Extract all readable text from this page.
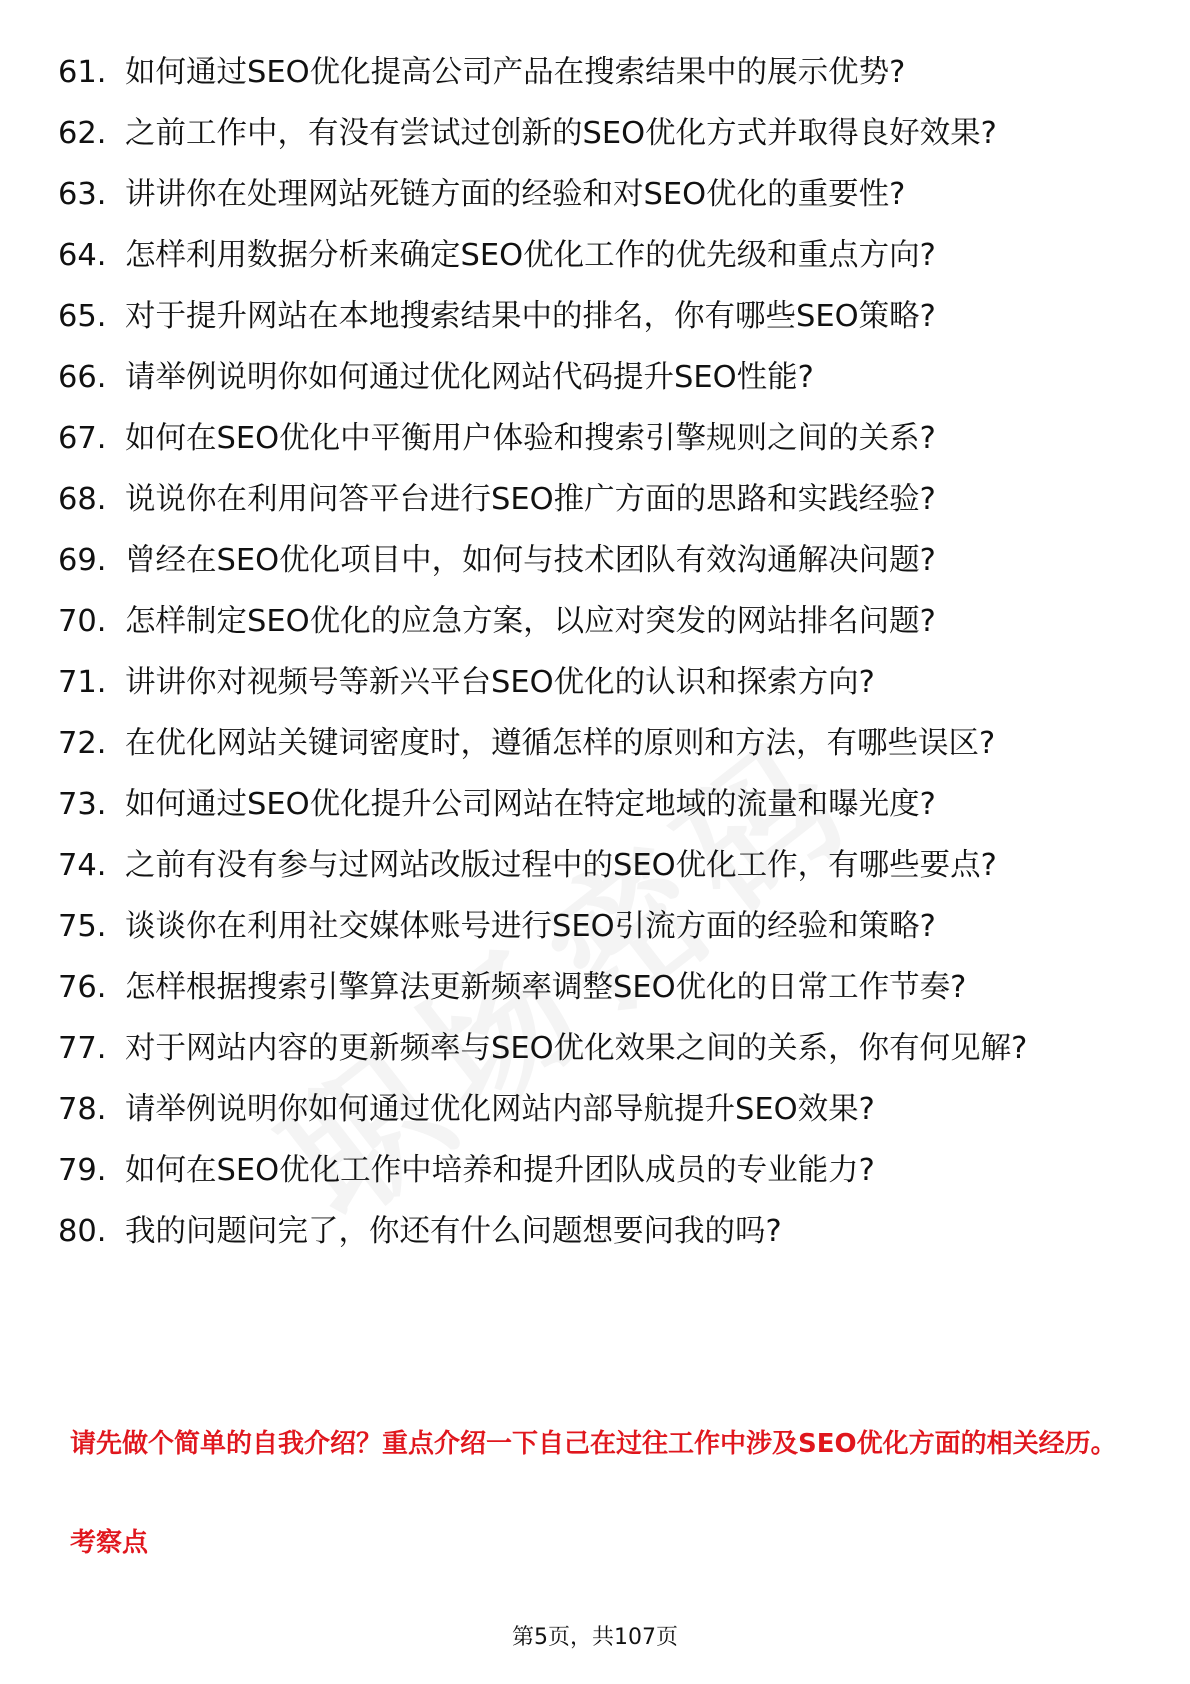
61. 如何通过SEO优化提高公司产品在搜索结果中的展示优势?
62. 之前工作中，有没有尝试过创新的SEO优化方式并取得良好效果?
63. 讲讲你在处理网站死链方面的经验和对SEO优化的重要性?
64. 怎样利用数据分析来确定SEO优化工作的优先级和重点方向?
65. 对于提升网站在本地搜索结果中的排名，你有哪些SEO策略?
66. 请举例说明你如何通过优化网站代码提升SEO性能?
67. 如何在SEO优化中平衡用户体验和搜索引擎规则之间的关系?
68. 说说你在利用问答平台进行SEO推广方面的思路和实践经验?
69. 曾经在SEO优化项目中，如何与技术团队有效沟通解决问题?
70. 怎样制定SEO优化的应急方案，以应对突发的网站排名问题?
71. 讲讲你对视频号等新兴平台SEO优化的认识和探索方向?
72. 在优化网站关键词密度时，遵循怎样的原则和方法，有哪些误区?
73. 如何通过SEO优化提升公司网站在特定地域的流量和曝光度?
74. 之前有没有参与过网站改版过程中的SEO优化工作，有哪些要点?
75. 谈谈你在利用社交媒体账号进行SEO引流方面的经验和策略?
76. 怎样根据搜索引擎算法更新频率调整SEO优化的日常工作节奏?
77. 对于网站内容的更新频率与SEO优化效果之间的关系，你有何见解?
78. 请举例说明你如何通过优化网站内部导航提升SEO效果?
79. 如何在SEO优化工作中培养和提升团队成员的专业能力?
80. 我的问题问完了，你还有什么问题想要问我的吗?

请先做个简单的自我介绍？重点介绍一下自己在过往工作中涉及SEO优化方面的相关经历。

考察点

第5页，共107页
